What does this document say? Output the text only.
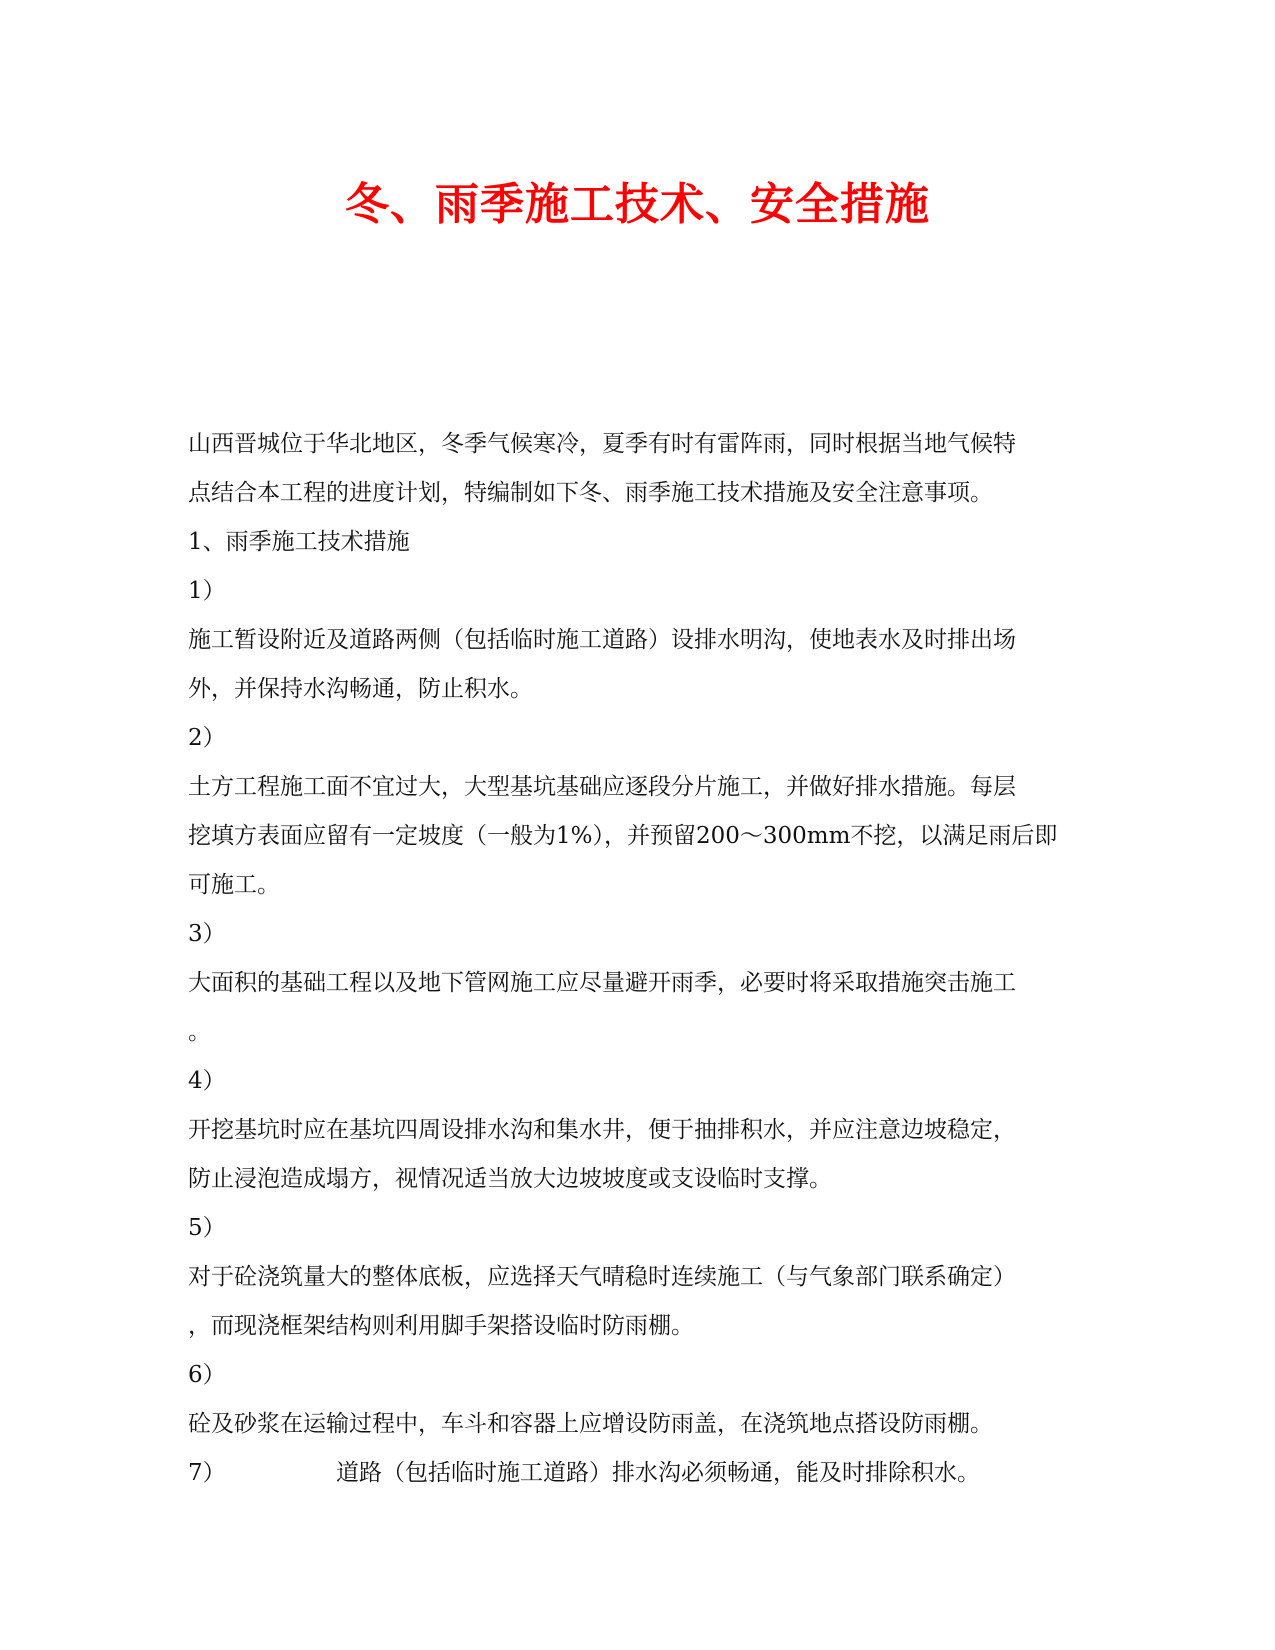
冬、雨季施工技术、安全措施
山西晋城位于华北地区，冬季气候寒冷，夏季有时有雷阵雨，同时根据当地气候特
点结合本工程的进度计划，特编制如下冬、雨季施工技术措施及安全注意事项。
1、雨季施工技术措施
1）
施工暂设附近及道路两侧（包括临时施工道路）设排水明沟，使地表水及时排出场
外，并保持水沟畅通，防止积水。
2）
土方工程施工面不宜过大，大型基坑基础应逐段分片施工，并做好排水措施。每层
挖填方表面应留有一定坡度（一般为1%），并预留200～300mm不挖，以满足雨后即
可施工。
3）
大面积的基础工程以及地下管网施工应尽量避开雨季，必要时将采取措施突击施工
。
4）
开挖基坑时应在基坑四周设排水沟和集水井，便于抽排积水，并应注意边坡稳定，
防止浸泡造成塌方，视情况适当放大边坡坡度或支设临时支撑。
5）
对于砼浇筑量大的整体底板，应选择天气晴稳时连续施工（与气象部门联系确定）
，而现浇框架结构则利用脚手架搭设临时防雨棚。
6）
砼及砂浆在运输过程中，车斗和容器上应增设防雨盖，在浇筑地点搭设防雨棚。
7）	道路（包括临时施工道路）排水沟必须畅通，能及时排除积水。
